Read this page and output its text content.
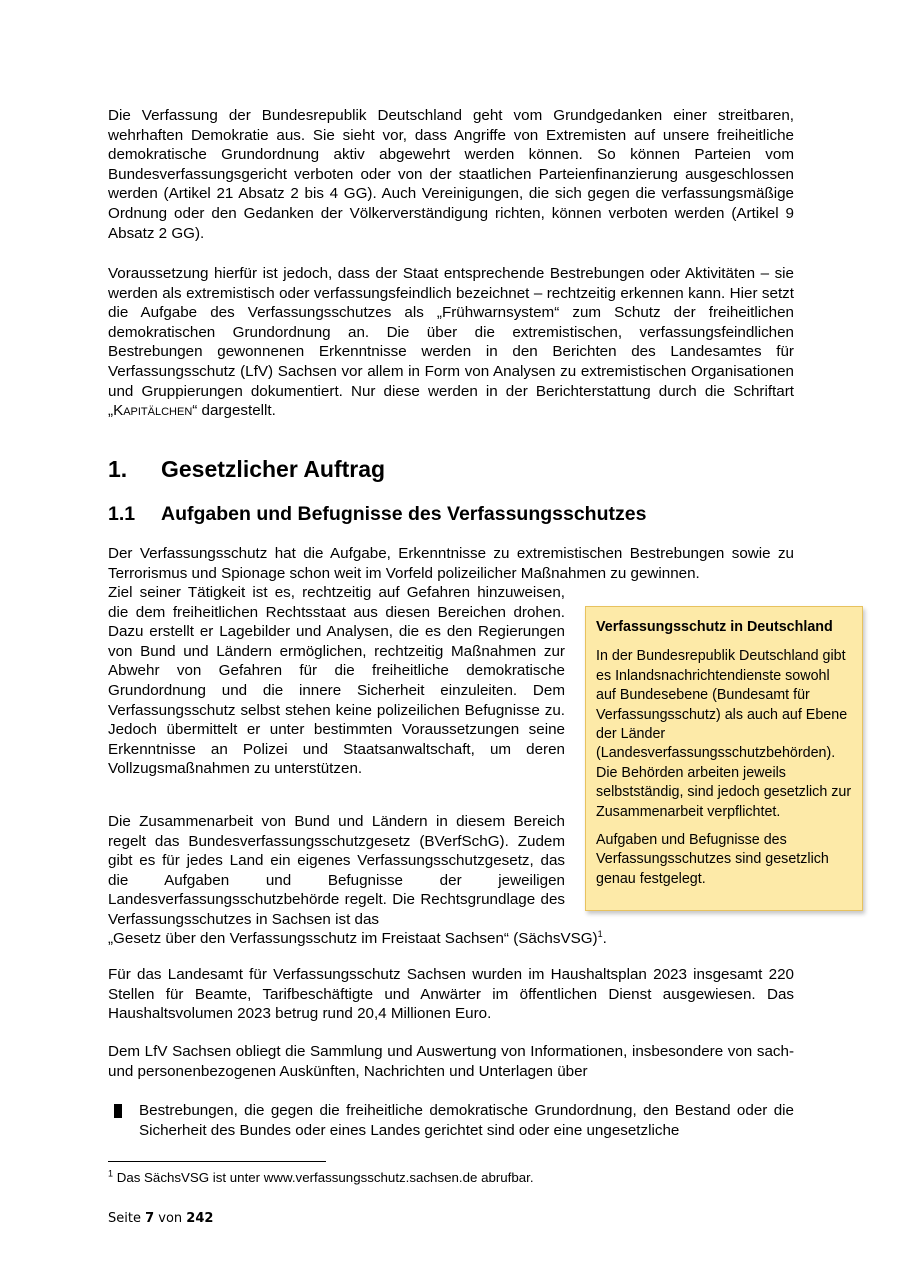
Die Verfassung der Bundesrepublik Deutschland geht vom Grundgedanken einer streitbaren, wehrhaften Demokratie aus. Sie sieht vor, dass Angriffe von Extremisten auf unsere freiheitliche demokratische Grundordnung aktiv abgewehrt werden können. So können Parteien vom Bundesverfassungsgericht verboten oder von der staatlichen Parteienfinanzierung ausgeschlossen werden (Artikel 21 Absatz 2 bis 4 GG). Auch Vereinigungen, die sich gegen die verfassungsmäßige Ordnung oder den Gedanken der Völkerverständigung richten, können verboten werden (Artikel 9 Absatz 2 GG).

Voraussetzung hierfür ist jedoch, dass der Staat entsprechende Bestrebungen oder Aktivitäten – sie werden als extremistisch oder verfassungsfeindlich bezeichnet – rechtzeitig erkennen kann. Hier setzt die Aufgabe des Verfassungsschutzes als „Frühwarnsystem“ zum Schutz der freiheitlichen demokratischen Grundordnung an. Die über die extremistischen, verfassungsfeindlichen Bestrebungen gewonnenen Erkenntnisse werden in den Berichten des Landesamtes für Verfassungsschutz (LfV) Sachsen vor allem in Form von Analysen zu extremistischen Organisationen und Gruppierungen dokumentiert. Nur diese werden in der Berichterstattung durch die Schriftart „Kapitälchen“ dargestellt.

1. Gesetzlicher Auftrag
1.1 Aufgaben und Befugnisse des Verfassungsschutzes

Der Verfassungsschutz hat die Aufgabe, Erkenntnisse zu extremistischen Bestrebungen sowie zu Terrorismus und Spionage schon weit im Vorfeld polizeilicher Maßnahmen zu gewinnen.

Ziel seiner Tätigkeit ist es, rechtzeitig auf Gefahren hinzuweisen, die dem freiheitlichen Rechtsstaat aus diesen Bereichen drohen. Dazu erstellt er Lagebilder und Analysen, die es den Regierungen von Bund und Ländern ermöglichen, rechtzeitig Maßnahmen zur Abwehr von Gefahren für die freiheitliche demokratische Grundordnung und die innere Sicherheit einzuleiten. Dem Verfassungsschutz selbst stehen keine polizeilichen Befugnisse zu. Jedoch übermittelt er unter bestimmten Voraussetzungen seine Erkenntnisse an Polizei und Staatsanwaltschaft, um deren Vollzugsmaßnahmen zu unterstützen.

Die Zusammenarbeit von Bund und Ländern in diesem Bereich regelt das Bundesverfassungsschutzgesetz (BVerfSchG). Zudem gibt es für jedes Land ein eigenes Verfassungsschutzgesetz, das die Aufgaben und Befugnisse der jeweiligen Landesverfassungsschutzbehörde regelt. Die Rechtsgrundlage des Verfassungsschutzes in Sachsen ist das

„Gesetz über den Verfassungsschutz im Freistaat Sachsen“ (SächsVSG)$^1$.

Für das Landesamt für Verfassungsschutz Sachsen wurden im Haushaltsplan 2023 insgesamt 220 Stellen für Beamte, Tarifbeschäftigte und Anwärter im öffentlichen Dienst ausgewiesen. Das Haushaltsvolumen 2023 betrug rund 20,4 Millionen Euro.

Dem LfV Sachsen obliegt die Sammlung und Auswertung von Informationen, insbesondere von sach- und personenbezogenen Auskünften, Nachrichten und Unterlagen über

Verfassungsschutz in Deutschland

In der Bundesrepublik Deutschland gibt es Inlandsnachrichtendienste sowohl auf Bundesebene (Bundesamt für Verfassungsschutz) als auch auf Ebene der Länder (Landesverfassungsschutzbehörden). Die Behörden arbeiten jeweils selbstständig, sind jedoch gesetzlich zur Zusammenarbeit verpflichtet.

Aufgaben und Befugnisse des Verfassungsschutzes sind gesetzlich genau festgelegt.

Bestrebungen, die gegen die freiheitliche demokratische Grundordnung, den Bestand oder die Sicherheit des Bundes oder eines Landes gerichtet sind oder eine ungesetzliche

$^1$ Das SächsVSG ist unter www.verfassungsschutz.sachsen.de abrufbar.

Seite 7 von 242
